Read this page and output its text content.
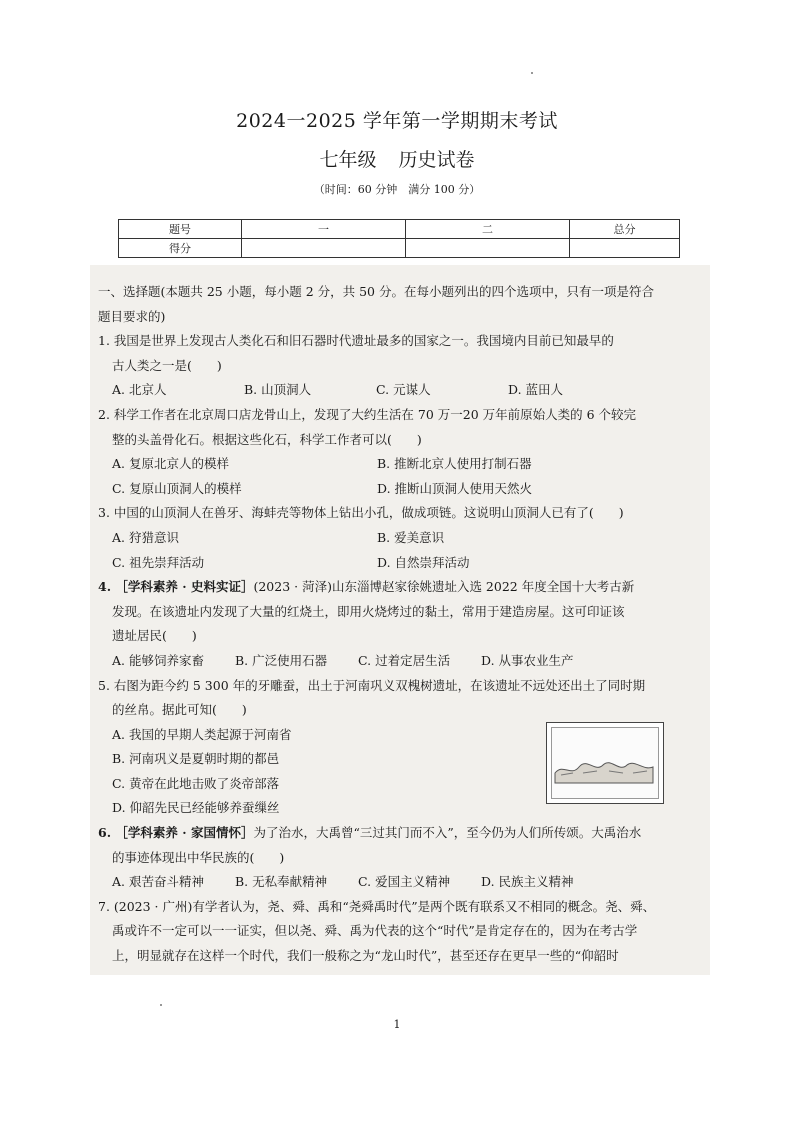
2024一2025 学年第一学期期末考试
七年级 历史试卷
（时间：60 分钟　满分 100 分）
题号	一	二	总分
得分			
一、选择题(本题共 25 小题，每小题 2 分，共 50 分。在每小题列出的四个选项中，只有一项是符合
题目要求的)
1. 我国是世界上发现古人类化石和旧石器时代遗址最多的国家之一。我国境内目前已知最早的
古人类之一是(　　)
A. 北京人	B. 山顶洞人	C. 元谋人	D. 蓝田人
2. 科学工作者在北京周口店龙骨山上，发现了大约生活在 70 万一20 万年前原始人类的 6 个较完
整的头盖骨化石。根据这些化石，科学工作者可以(　　)
A. 复原北京人的模样	B. 推断北京人使用打制石器
C. 复原山顶洞人的模样	D. 推断山顶洞人使用天然火
3. 中国的山顶洞人在兽牙、海蚌壳等物体上钻出小孔，做成项链。这说明山顶洞人已有了(　　)
A. 狩猎意识	B. 爱美意识
C. 祖先崇拜活动	D. 自然崇拜活动
4. ［学科素养 · 史料实证］(2023 · 菏泽)山东淄博赵家徐姚遗址入选 2022 年度全国十大考古新
发现。在该遗址内发现了大量的红烧土，即用火烧烤过的黏土，常用于建造房屋。这可印证该
遗址居民(　　)
A. 能够饲养家畜	B. 广泛使用石器	C. 过着定居生活	D. 从事农业生产
5. 右图为距今约 5 300 年的牙雕蚕，出土于河南巩义双槐树遗址，在该遗址不远处还出土了同时期
的丝帛。据此可知(　　)
A. 我国的早期人类起源于河南省
B. 河南巩义是夏朝时期的都邑
C. 黄帝在此地击败了炎帝部落
D. 仰韶先民已经能够养蚕缫丝
6. ［学科素养 · 家国情怀］为了治水，大禹曾“三过其门而不入”，至今仍为人们所传颂。大禹治水
的事迹体现出中华民族的(　　)
A. 艰苦奋斗精神	B. 无私奉献精神	C. 爱国主义精神	D. 民族主义精神
7. (2023 · 广州)有学者认为，尧、舜、禹和“尧舜禹时代”是两个既有联系又不相同的概念。尧、舜、
禹或许不一定可以一一证实，但以尧、舜、禹为代表的这个“时代”是肯定存在的，因为在考古学
上，明显就存在这样一个时代，我们一般称之为“龙山时代”，甚至还存在更早一些的“仰韶时
1
